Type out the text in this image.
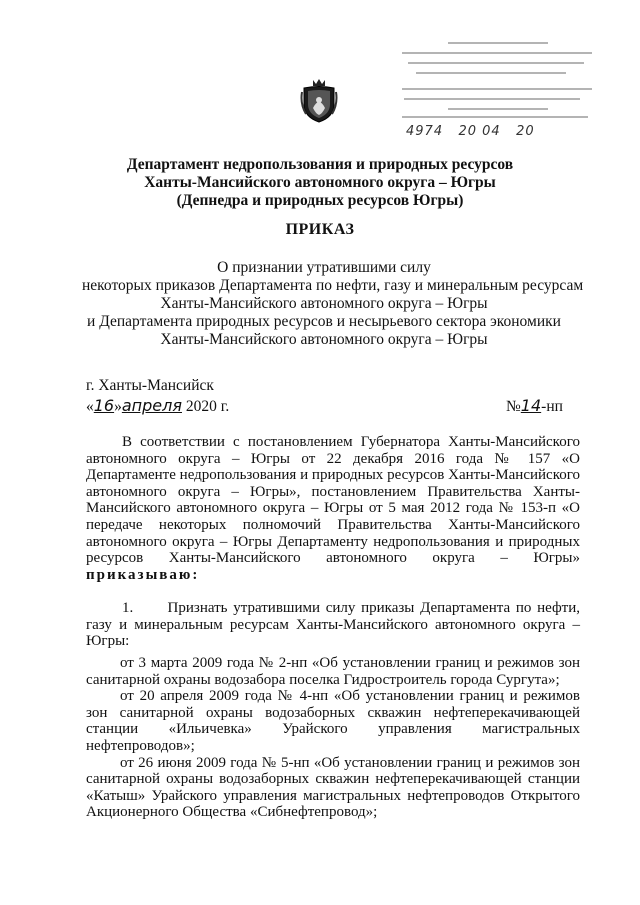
4974   20 04   20
Департамент недропользования и природных ресурсов
Ханты-Мансийского автономного округа – Югры
(Депнедра и природных ресурсов Югры)
ПРИКАЗ
О признании утратившими силу
некоторых приказов Департамента по нефти, газу и минеральным ресурсам
Ханты-Мансийского автономного округа – Югры
и Департамента природных ресурсов и несырьевого сектора экономики
Ханты-Мансийского автономного округа – Югры
г. Ханты-Мансийск
«16»апреля 2020 г.	№14-нп

В соответствии с постановлением Губернатора Ханты-Мансийского автономного округа – Югры от 22 декабря 2016 года № 157 «О Департаменте недропользования и природных ресурсов Ханты-Мансийского автономного округа – Югры», постановлением Правительства Ханты-Мансийского автономного округа – Югры от 5 мая 2012 года № 153-п «О передаче некоторых полномочий Правительства Ханты-Мансийского автономного округа – Югры Департаменту недропользования и природных ресурсов Ханты-Мансийского автономного округа – Югры» приказываю:

1.      Признать утратившими силу приказы Департамента по нефти, газу и минеральным ресурсам Ханты-Мансийского автономного округа – Югры:

от 3 марта 2009 года № 2-нп «Об установлении границ и режимов зон санитарной охраны водозабора поселка Гидростроитель города Сургута»;

от 20 апреля 2009 года № 4-нп «Об установлении границ и режимов зон санитарной охраны водозаборных скважин нефтеперекачивающей станции «Ильичевка» Урайского управления магистральных нефтепроводов»;

от 26 июня 2009 года № 5-нп «Об установлении границ и режимов зон санитарной охраны водозаборных скважин нефтеперекачивающей станции «Катыш» Урайского управления магистральных нефтепроводов Открытого Акционерного Общества «Сибнефтепровод»;
